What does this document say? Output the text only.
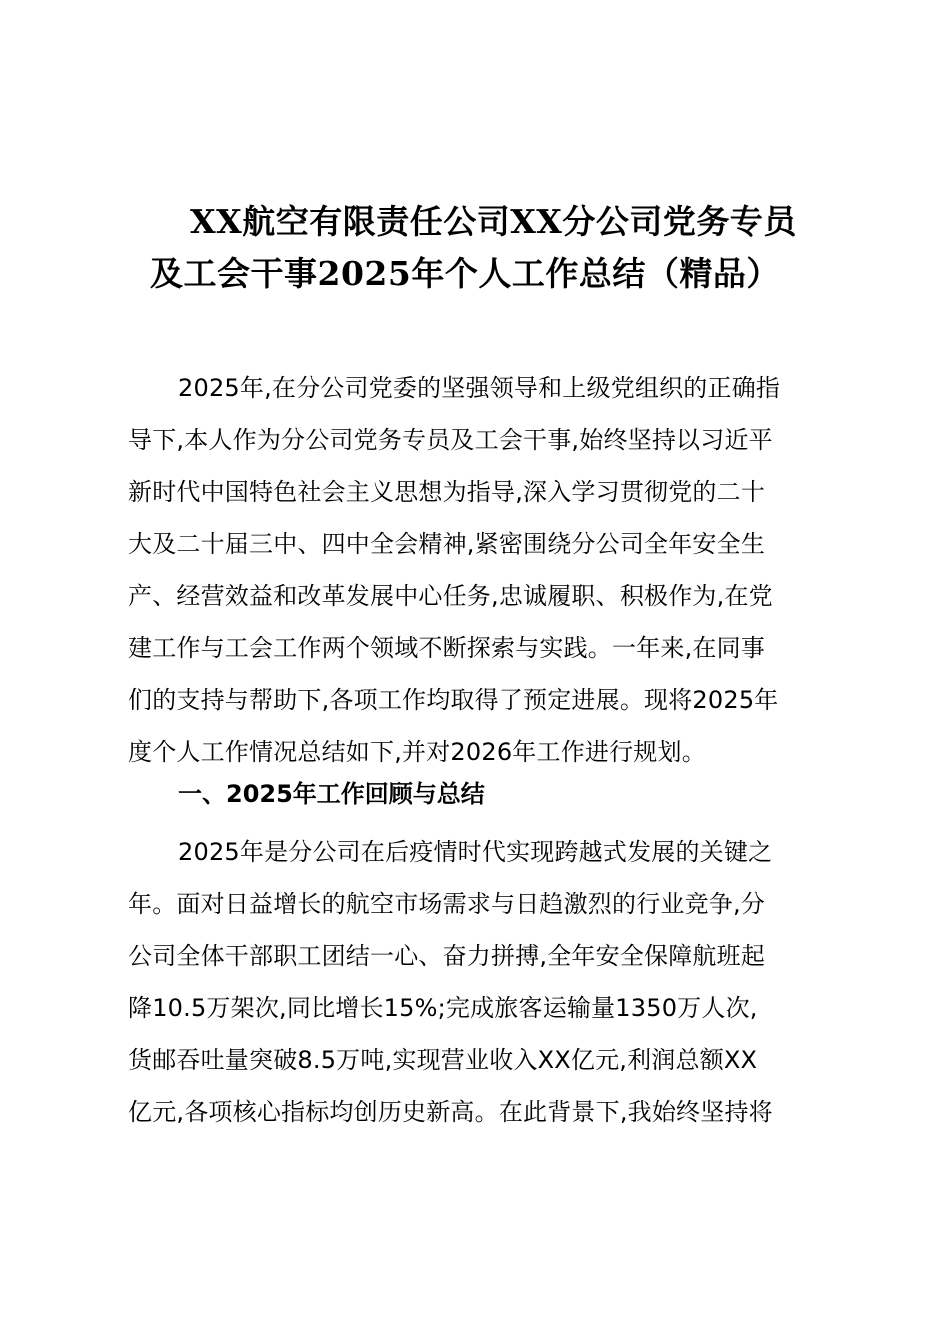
XX航空有限责任公司XX分公司党务专员
及工会干事2025年个人工作总结（精品）
2025年,在分公司党委的坚强领导和上级党组织的正确指
导下,本人作为分公司党务专员及工会干事,始终坚持以习近平
新时代中国特色社会主义思想为指导,深入学习贯彻党的二十
大及二十届三中、四中全会精神,紧密围绕分公司全年安全生
产、经营效益和改革发展中心任务,忠诚履职、积极作为,在党
建工作与工会工作两个领域不断探索与实践。一年来,在同事
们的支持与帮助下,各项工作均取得了预定进展。现将2025年
度个人工作情况总结如下,并对2026年工作进行规划。
一、2025年工作回顾与总结
2025年是分公司在后疫情时代实现跨越式发展的关键之
年。面对日益增长的航空市场需求与日趋激烈的行业竞争,分
公司全体干部职工团结一心、奋力拼搏,全年安全保障航班起
降10.5万架次,同比增长15%;完成旅客运输量1350万人次,
货邮吞吐量突破8.5万吨,实现营业收入XX亿元,利润总额XX
亿元,各项核心指标均创历史新高。在此背景下,我始终坚持将
